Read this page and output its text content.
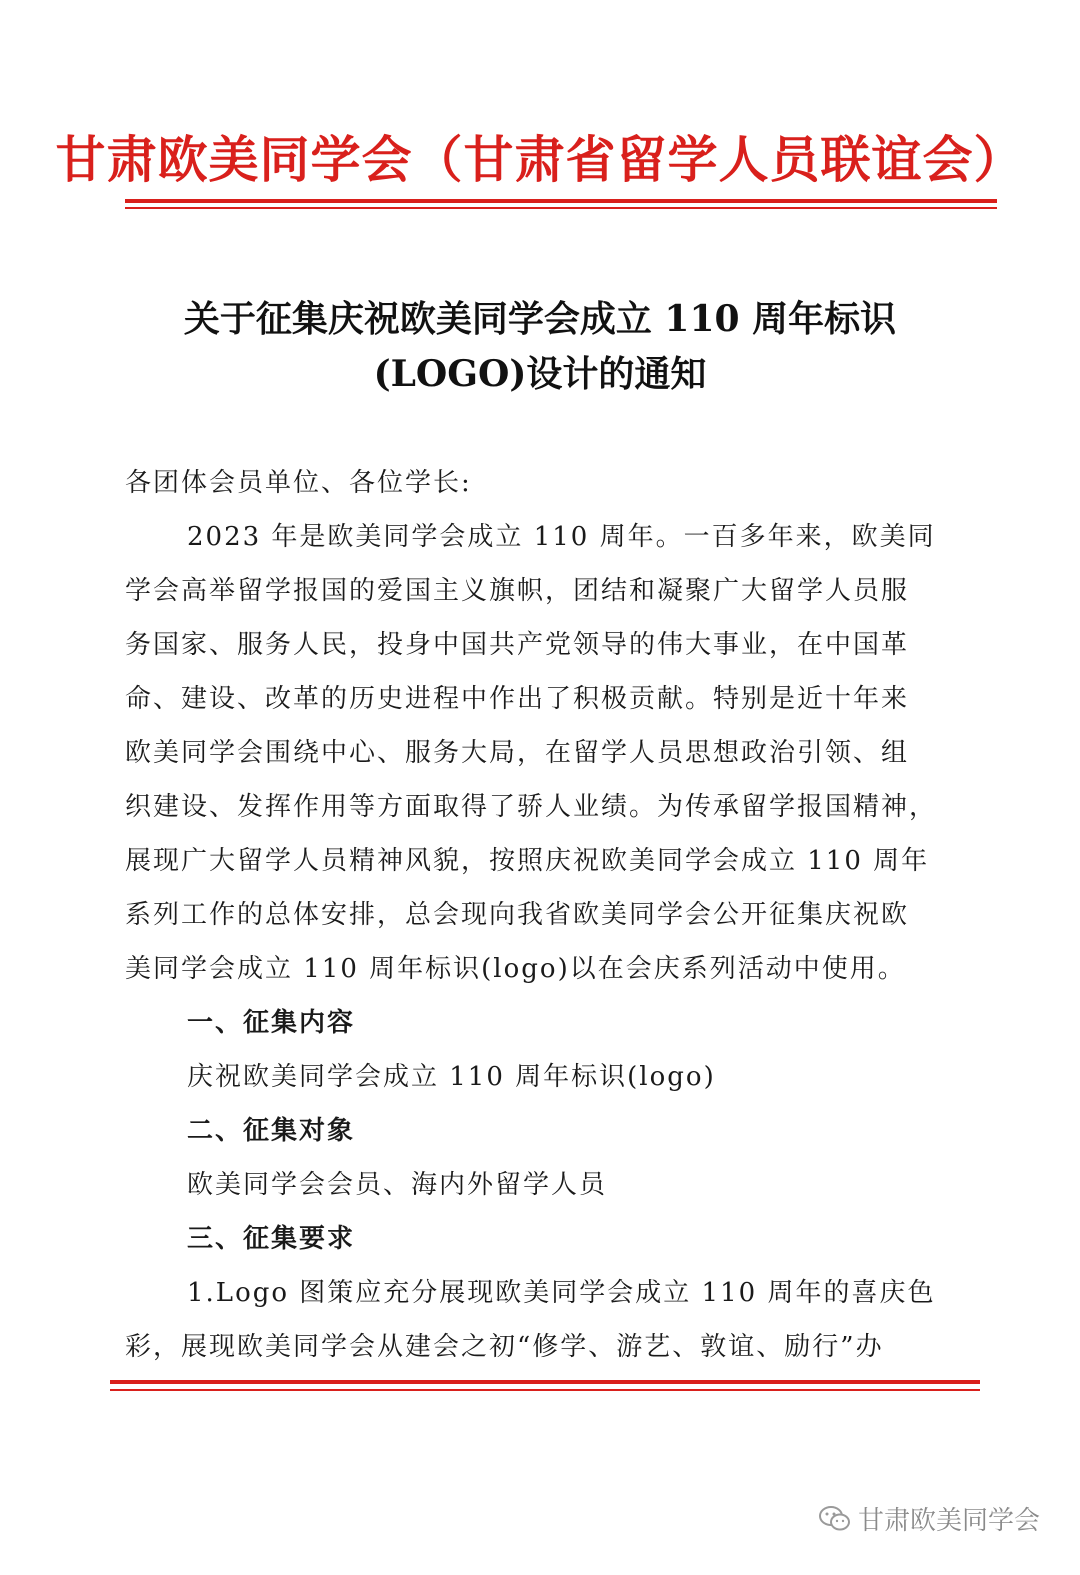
甘肃欧美同学会（甘肃省留学人员联谊会）
关于征集庆祝欧美同学会成立 110 周年标识
(LOGO)设计的通知
各团体会员单位、各位学长:
2023 年是欧美同学会成立 110 周年。一百多年来，欧美同
学会高举留学报国的爱国主义旗帜，团结和凝聚广大留学人员服
务国家、服务人民，投身中国共产党领导的伟大事业，在中国革
命、建设、改革的历史进程中作出了积极贡献。特别是近十年来
欧美同学会围绕中心、服务大局，在留学人员思想政治引领、组
织建设、发挥作用等方面取得了骄人业绩。为传承留学报国精神，
展现广大留学人员精神风貌，按照庆祝欧美同学会成立 110 周年
系列工作的总体安排，总会现向我省欧美同学会公开征集庆祝欧
美同学会成立 110 周年标识(logo)以在会庆系列活动中使用。
一、征集内容
庆祝欧美同学会成立 110 周年标识(logo)
二、征集对象
欧美同学会会员、海内外留学人员
三、征集要求
1.Logo 图策应充分展现欧美同学会成立 110 周年的喜庆色
彩，展现欧美同学会从建会之初“修学、游艺、敦谊、励行”办
甘肃欧美同学会
